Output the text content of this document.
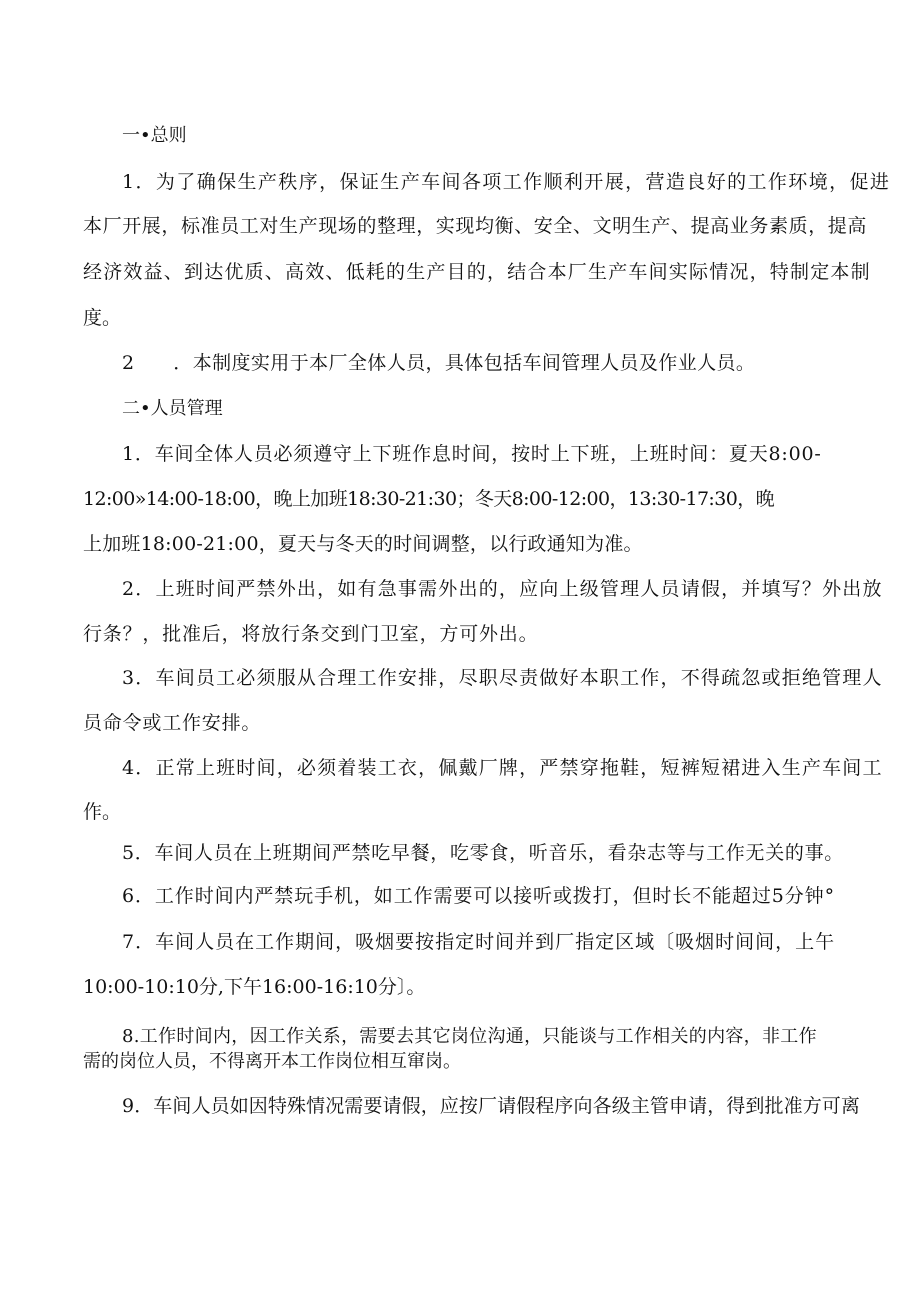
一•总则
1．为了确保生产秩序，保证生产车间各项工作顺利开展，营造良好的工作环境，促进
本厂开展，标准员工对生产现场的整理，实现均衡、安全、文明生产、提高业务素质，提高
经济效益、到达优质、高效、低耗的生产目的，结合本厂生产车间实际情况，特制定本制
度。
2　　．本制度实用于本厂全体人员，具体包括车间管理人员及作业人员。
二•人员管理
1．车间全体人员必须遵守上下班作息时间，按时上下班，上班时间：夏天8:00-
12:00»14:00-18:00，晚上加班18:30-21:30；冬天8:00-12:00，13:30-17:30，晚
上加班18:00-21:00，夏天与冬天的时间调整，以行政通知为准。
2．上班时间严禁外出，如有急事需外出的，应向上级管理人员请假，并填写？外出放
行条？，批准后，将放行条交到门卫室，方可外出。
3．车间员工必须服从合理工作安排，尽职尽责做好本职工作，不得疏忽或拒绝管理人
员命令或工作安排。
4．正常上班时间，必须着装工衣，佩戴厂牌，严禁穿拖鞋，短裤短裙进入生产车间工
作。
5．车间人员在上班期间严禁吃早餐，吃零食，听音乐，看杂志等与工作无关的事。
6．工作时间内严禁玩手机，如工作需要可以接听或拨打，但时长不能超过5分钟°
7．车间人员在工作期间，吸烟要按指定时间并到厂指定区域〔吸烟时间间，上午
10:00-10:10分,下午16:00-16:10分〕。
8.工作时间内，因工作关系，需要去其它岗位沟通，只能谈与工作相关的内容，非工作
需的岗位人员，不得离开本工作岗位相互窜岗。
9．车间人员如因特殊情况需要请假，应按厂请假程序向各级主管申请，得到批准方可离
